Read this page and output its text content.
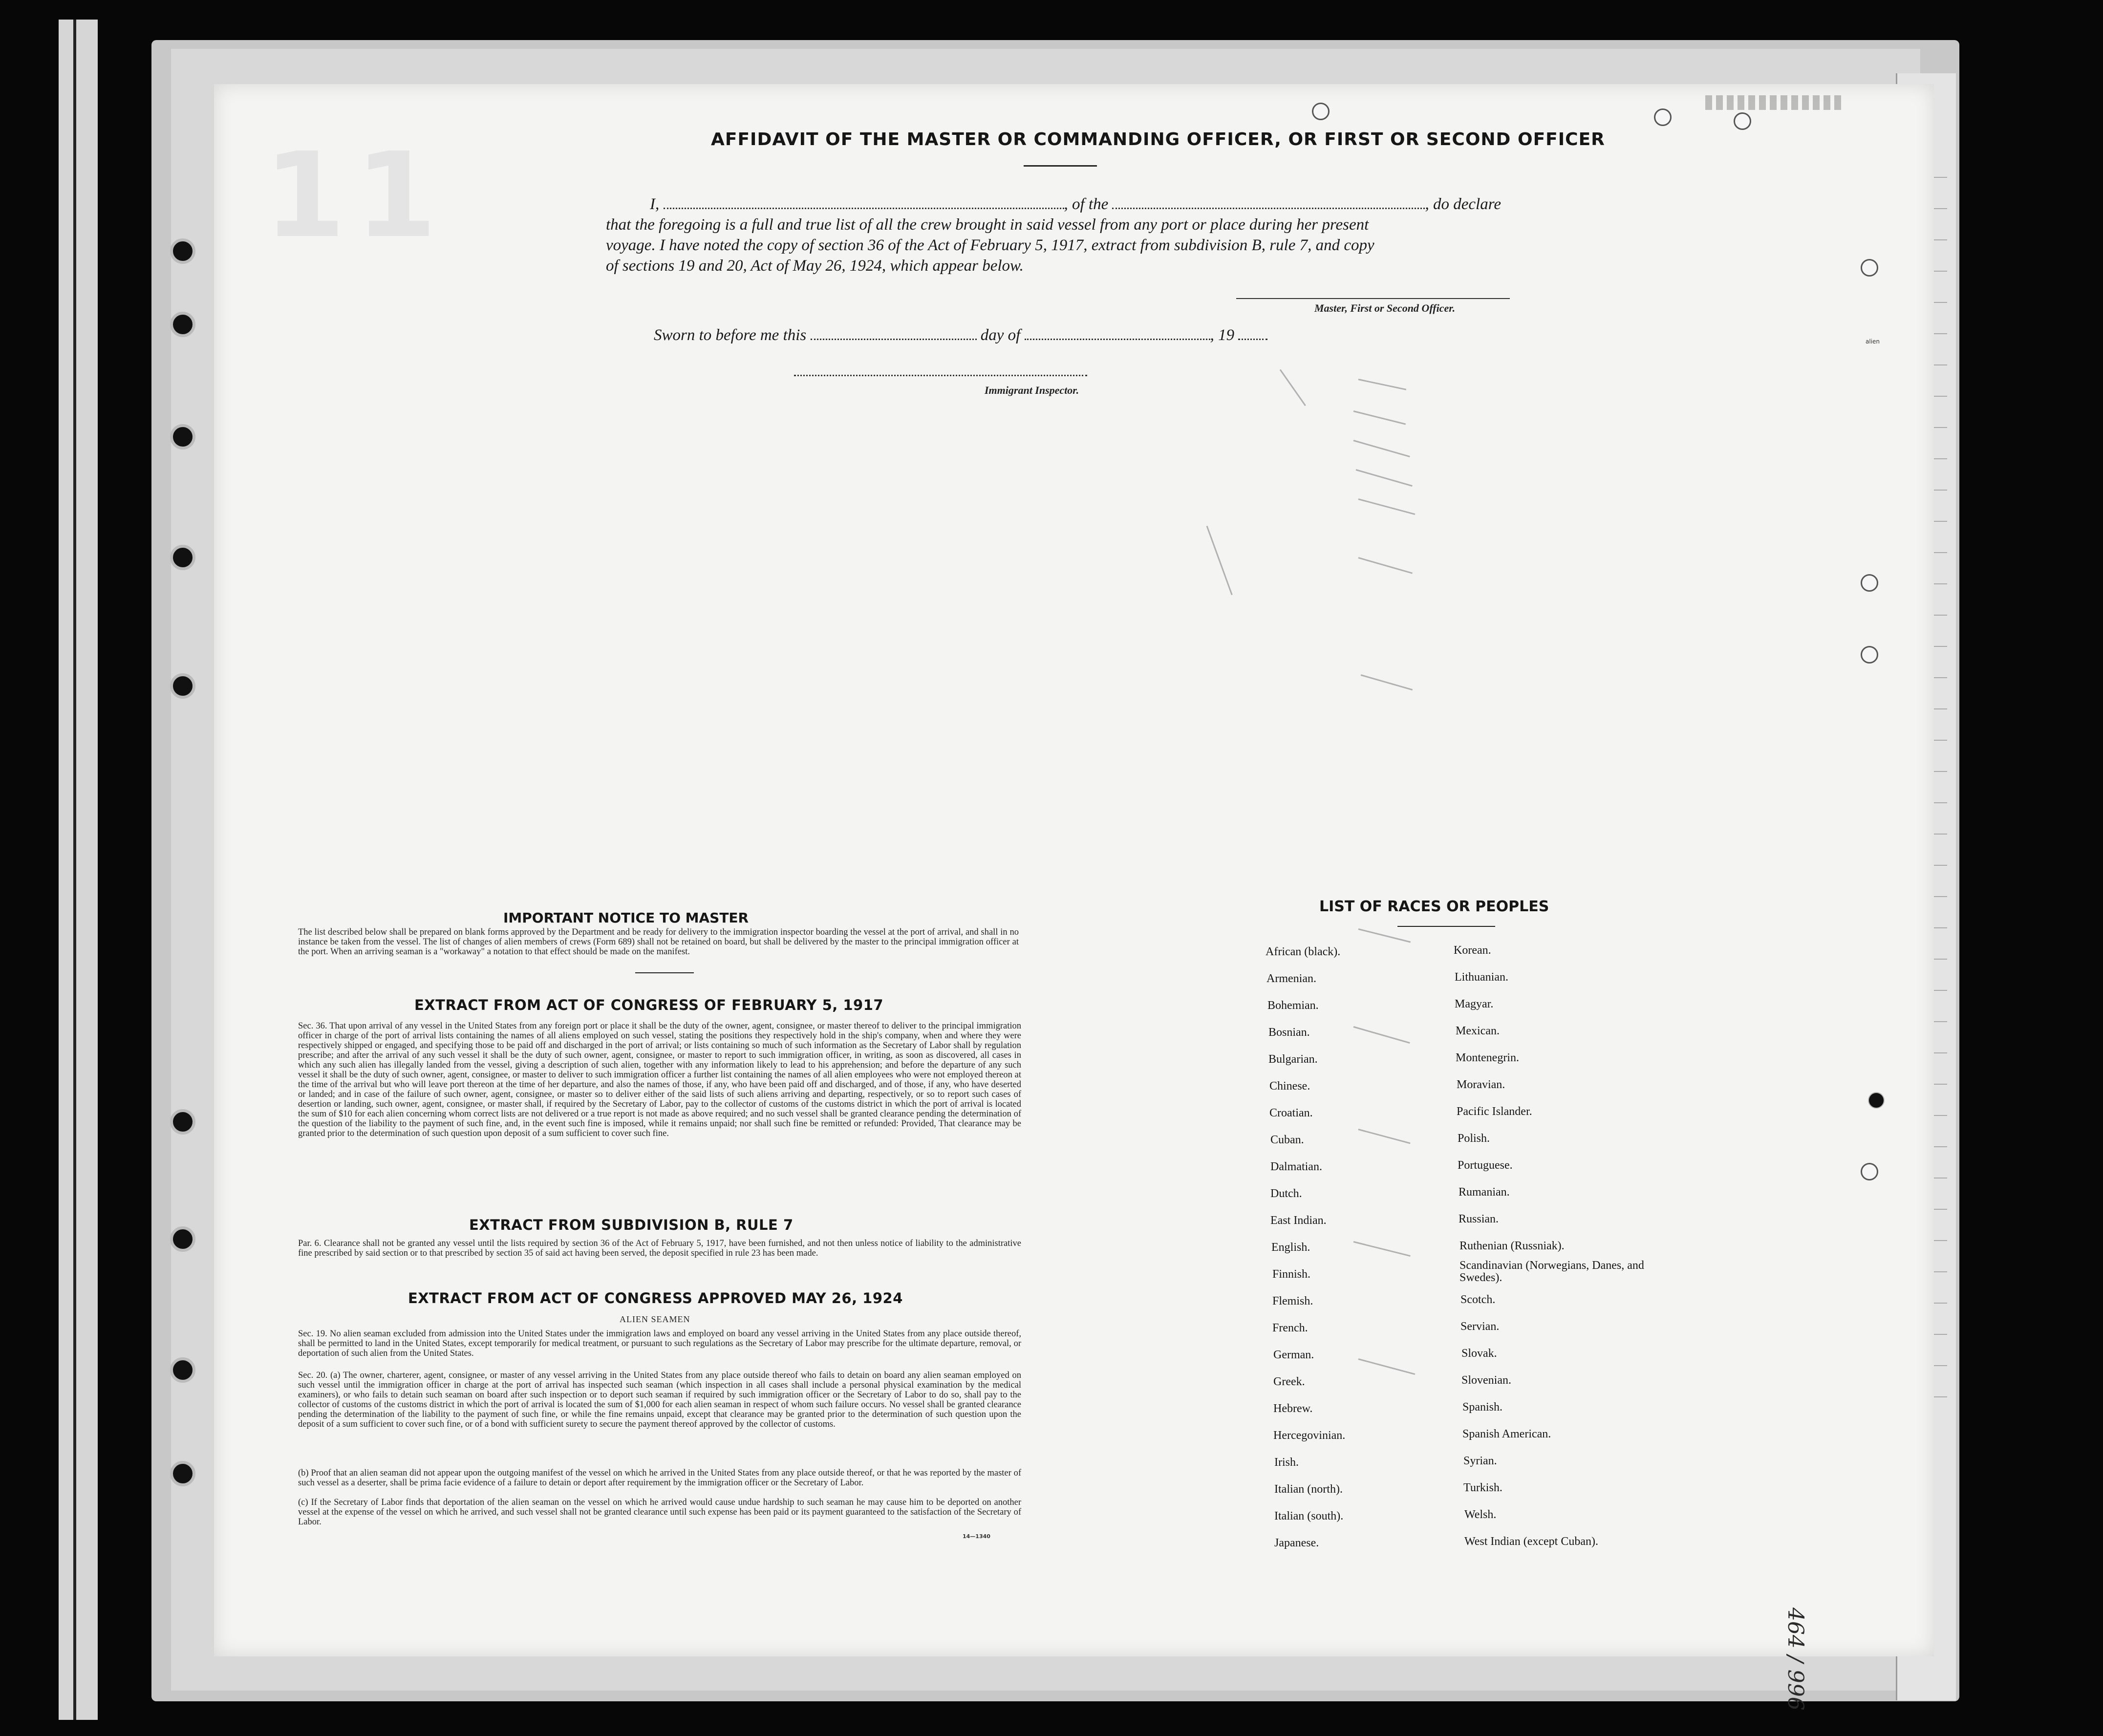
11
alien
AFFIDAVIT OF THE MASTER OR COMMANDING OFFICER, OR FIRST OR SECOND OFFICER
I,	, of the	, do declare
that the foregoing is a full and true list of all the crew brought in said vessel from any port or place during her present
voyage. I have noted the copy of section 36 of the Act of February 5, 1917, extract from subdivision B, rule 7, and copy
of sections 19 and 20, Act of May 26, 1924, which appear below.
Master, First or Second Officer.
Sworn to before me this	day of	, 19
Immigrant Inspector.
IMPORTANT NOTICE TO MASTER
The list described below shall be prepared on blank forms approved by the Department and be ready for delivery to the immigration inspector boarding the vessel at the port of arrival, and shall in no instance be taken from the vessel. The list of changes of alien members of crews (Form 689) shall not be retained on board, but shall be delivered by the master to the principal immigration officer at the port. When an arriving seaman is a "workaway" a notation to that effect should be made on the manifest.
EXTRACT FROM ACT OF CONGRESS OF FEBRUARY 5, 1917
Sec. 36. That upon arrival of any vessel in the United States from any foreign port or place it shall be the duty of the owner, agent, consignee, or master thereof to deliver to the principal immigration officer in charge of the port of arrival lists containing the names of all aliens employed on such vessel, stating the positions they respectively hold in the ship's company, when and where they were respectively shipped or engaged, and specifying those to be paid off and discharged in the port of arrival; or lists containing so much of such information as the Secretary of Labor shall by regulation prescribe; and after the arrival of any such vessel it shall be the duty of such owner, agent, consignee, or master to report to such immigration officer, in writing, as soon as discovered, all cases in which any such alien has illegally landed from the vessel, giving a description of such alien, together with any information likely to lead to his apprehension; and before the departure of any such vessel it shall be the duty of such owner, agent, consignee, or master to deliver to such immigration officer a further list containing the names of all alien employees who were not employed thereon at the time of the arrival but who will leave port thereon at the time of her departure, and also the names of those, if any, who have been paid off and discharged, and of those, if any, who have deserted or landed; and in case of the failure of such owner, agent, consignee, or master so to deliver either of the said lists of such aliens arriving and departing, respectively, or so to report such cases of desertion or landing, such owner, agent, consignee, or master shall, if required by the Secretary of Labor, pay to the collector of customs of the customs district in which the port of arrival is located the sum of $10 for each alien concerning whom correct lists are not delivered or a true report is not made as above required; and no such vessel shall be granted clearance pending the determination of the question of the liability to the payment of such fine, and, in the event such fine is imposed, while it remains unpaid; nor shall such fine be remitted or refunded: Provided, That clearance may be granted prior to the determination of such question upon deposit of a sum sufficient to cover such fine.
EXTRACT FROM SUBDIVISION B, RULE 7
Par. 6. Clearance shall not be granted any vessel until the lists required by section 36 of the Act of February 5, 1917, have been furnished, and not then unless notice of liability to the administrative fine prescribed by said section or to that prescribed by section 35 of said act having been served, the deposit specified in rule 23 has been made.
EXTRACT FROM ACT OF CONGRESS APPROVED MAY 26, 1924
ALIEN SEAMEN
Sec. 19. No alien seaman excluded from admission into the United States under the immigration laws and employed on board any vessel arriving in the United States from any place outside thereof, shall be permitted to land in the United States, except temporarily for medical treatment, or pursuant to such regulations as the Secretary of Labor may prescribe for the ultimate departure, removal, or deportation of such alien from the United States.
Sec. 20. (a) The owner, charterer, agent, consignee, or master of any vessel arriving in the United States from any place outside thereof who fails to detain on board any alien seaman employed on such vessel until the immigration officer in charge at the port of arrival has inspected such seaman (which inspection in all cases shall include a personal physical examination by the medical examiners), or who fails to detain such seaman on board after such inspection or to deport such seaman if required by such immigration officer or the Secretary of Labor to do so, shall pay to the collector of customs of the customs district in which the port of arrival is located the sum of $1,000 for each alien seaman in respect of whom such failure occurs. No vessel shall be granted clearance pending the determination of the liability to the payment of such fine, or while the fine remains unpaid, except that clearance may be granted prior to the determination of such question upon the deposit of a sum sufficient to cover such fine, or of a bond with sufficient surety to secure the payment thereof approved by the collector of customs.
(b) Proof that an alien seaman did not appear upon the outgoing manifest of the vessel on which he arrived in the United States from any place outside thereof, or that he was reported by the master of such vessel as a deserter, shall be prima facie evidence of a failure to detain or deport after requirement by the immigration officer or the Secretary of Labor.
(c) If the Secretary of Labor finds that deportation of the alien seaman on the vessel on which he arrived would cause undue hardship to such seaman he may cause him to be deported on another vessel at the expense of the vessel on which he arrived, and such vessel shall not be granted clearance until such expense has been paid or its payment guaranteed to the satisfaction of the Secretary of Labor.
14—1340
LIST OF RACES OR PEOPLES
African (black).
Armenian.
Bohemian.
Bosnian.
Bulgarian.
Chinese.
Croatian.
Cuban.
Dalmatian.
Dutch.
East Indian.
English.
Finnish.
Flemish.
French.
German.
Greek.
Hebrew.
Hercegovinian.
Irish.
Italian (north).
Italian (south).
Japanese.
Korean.
Lithuanian.
Magyar.
Mexican.
Montenegrin.
Moravian.
Pacific Islander.
Polish.
Portuguese.
Rumanian.
Russian.
Ruthenian (Russniak).
Scandinavian (Norwegians, Danes, and Swedes).
Scotch.
Servian.
Slovak.
Slovenian.
Spanish.
Spanish American.
Syrian.
Turkish.
Welsh.
West Indian (except Cuban).
464 / 996
